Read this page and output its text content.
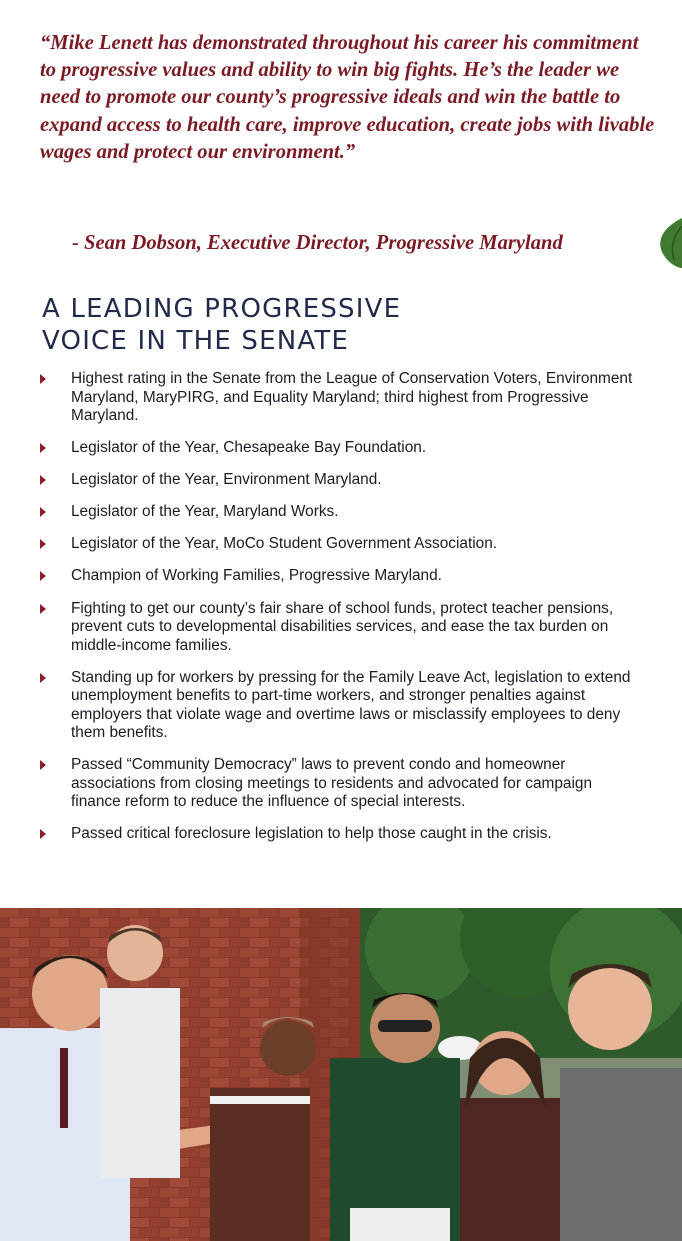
“Mike Lenett has demonstrated throughout his career his commitment to progressive values and ability to win big fights. He’s the leader we need to promote our county’s progressive ideals and win the battle to expand access to health care, improve education, create jobs with livable wages and protect our environment.”

- Sean Dobson, Executive Director, Progressive Maryland
A LEADING PROGRESSIVE
VOICE IN THE SENATE
Highest rating in the Senate from the League of Conservation Voters, Environment Maryland, MaryPIRG, and Equality Maryland; third highest from Progressive Maryland.
Legislator of the Year, Chesapeake Bay Foundation.
Legislator of the Year, Environment Maryland.
Legislator of the Year, Maryland Works.
Legislator of the Year, MoCo Student Government Association.
Champion of Working Families, Progressive Maryland.
Fighting to get our county’s fair share of school funds, protect teacher pensions, prevent cuts to developmental disabilities services, and ease the tax burden on middle-income families.
Standing up for workers by pressing for the Family Leave Act, legislation to extend unemployment benefits to part-time workers, and stronger penalties against employers that violate wage and overtime laws or misclassify employees to deny them benefits.
Passed “Community Democracy” laws to prevent condo and homeowner associations from closing meetings to residents and advocated for campaign finance reform to reduce the influence of special interests.
Passed critical foreclosure legislation to help those caught in the crisis.
